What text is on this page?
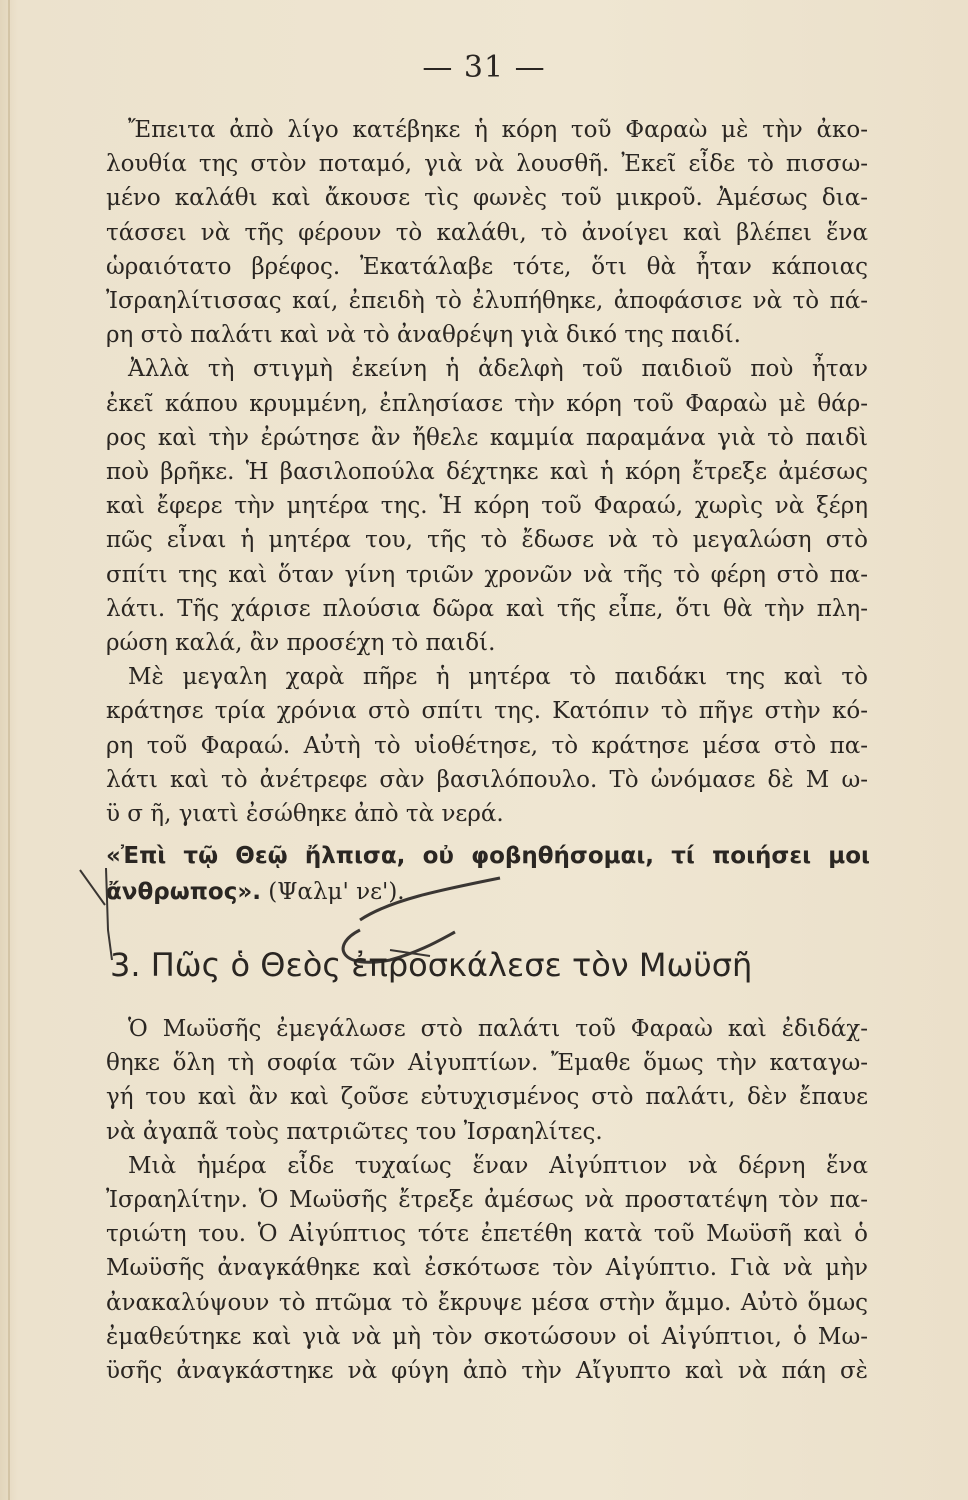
— 31 —
Ἔπειτα ἀπὸ λίγο κατέβηκε ἡ κόρη τοῦ Φαραὼ μὲ τὴν ἀκο-
λουθία της στὸν ποταμό, γιὰ νὰ λουσθῆ. Ἐκεῖ εἶδε τὸ πισσω-
μένο καλάθι καὶ ἄκουσε τὶς φωνὲς τοῦ μικροῦ. Ἀμέσως δια-
τάσσει νὰ τῆς φέρουν τὸ καλάθι, τὸ ἀνοίγει καὶ βλέπει ἕνα
ὡραιότατο βρέφος. Ἐκατάλαβε τότε, ὅτι θὰ ἦταν κάποιας
Ἰσραηλίτισσας καί, ἐπειδὴ τὸ ἐλυπήθηκε, ἀποφάσισε νὰ τὸ πά-
ρη στὸ παλάτι καὶ νὰ τὸ ἀναθρέψη γιὰ δικό της παιδί.
Ἀλλὰ τὴ στιγμὴ ἐκείνη ἡ ἀδελφὴ τοῦ παιδιοῦ ποὺ ἦταν
ἐκεῖ κάπου κρυμμένη, ἐπλησίασε τὴν κόρη τοῦ Φαραὼ μὲ θάρ-
ρος καὶ τὴν ἐρώτησε ἂν ἤθελε καμμία παραμάνα γιὰ τὸ παιδὶ
ποὺ βρῆκε. Ἡ βασιλοπούλα δέχτηκε καὶ ἡ κόρη ἔτρεξε ἀμέσως
καὶ ἔφερε τὴν μητέρα της. Ἡ κόρη τοῦ Φαραώ, χωρὶς νὰ ξέρη
πῶς εἶναι ἡ μητέρα του, τῆς τὸ ἔδωσε νὰ τὸ μεγαλώση στὸ
σπίτι της καὶ ὅταν γίνη τριῶν χρονῶν νὰ τῆς τὸ φέρη στὸ πα-
λάτι. Τῆς χάρισε πλούσια δῶρα καὶ τῆς εἶπε, ὅτι θὰ τὴν πλη-
ρώση καλά, ἂν προσέχη τὸ παιδί.
Μὲ μεγαλη χαρὰ πῆρε ἡ μητέρα τὸ παιδάκι της καὶ τὸ
κράτησε τρία χρόνια στὸ σπίτι της. Κατόπιν τὸ πῆγε στὴν κό-
ρη τοῦ Φαραώ. Αὐτὴ τὸ υἱοθέτησε, τὸ κράτησε μέσα στὸ πα-
λάτι καὶ τὸ ἀνέτρεφε σὰν βασιλόπουλο. Τὸ ὠνόμασε δὲ Μ ω-
ϋ σ ῆ, γιατὶ ἐσώθηκε ἀπὸ τὰ νερά.
«Ἐπὶ τῷ Θεῷ ἤλπισα, οὐ φοβηθήσομαι, τί ποιήσει μοι
ἄνθρωπος». (Ψαλμ' νε').
3. Πῶς ὁ Θεὸς ἐπροσκάλεσε τὸν Μωϋσῆ
Ὁ Μωϋσῆς ἐμεγάλωσε στὸ παλάτι τοῦ Φαραὼ καὶ ἐδιδάχ-
θηκε ὅλη τὴ σοφία τῶν Αἰγυπτίων. Ἔμαθε ὅμως τὴν καταγω-
γή του καὶ ἂν καὶ ζοῦσε εὐτυχισμένος στὸ παλάτι, δὲν ἔπαυε
νὰ ἀγαπᾶ τοὺς πατριῶτες του Ἰσραηλίτες.
Μιὰ ἡμέρα εἶδε τυχαίως ἕναν Αἰγύπτιον νὰ δέρνη ἕνα
Ἰσραηλίτην. Ὁ Μωϋσῆς ἔτρεξε ἀμέσως νὰ προστατέψη τὸν πα-
τριώτη του. Ὁ Αἰγύπτιος τότε ἐπετέθη κατὰ τοῦ Μωϋσῆ καὶ ὁ
Μωϋσῆς ἀναγκάθηκε καὶ ἐσκότωσε τὸν Αἰγύπτιο. Γιὰ νὰ μὴν
ἀνακαλύψουν τὸ πτῶμα τὸ ἔκρυψε μέσα στὴν ἄμμο. Αὐτὸ ὅμως
ἐμαθεύτηκε καὶ γιὰ νὰ μὴ τὸν σκοτώσουν οἱ Αἰγύπτιοι, ὁ Μω-
ϋσῆς ἀναγκάστηκε νὰ φύγη ἀπὸ τὴν Αἴγυπτο καὶ νὰ πάη σὲ
